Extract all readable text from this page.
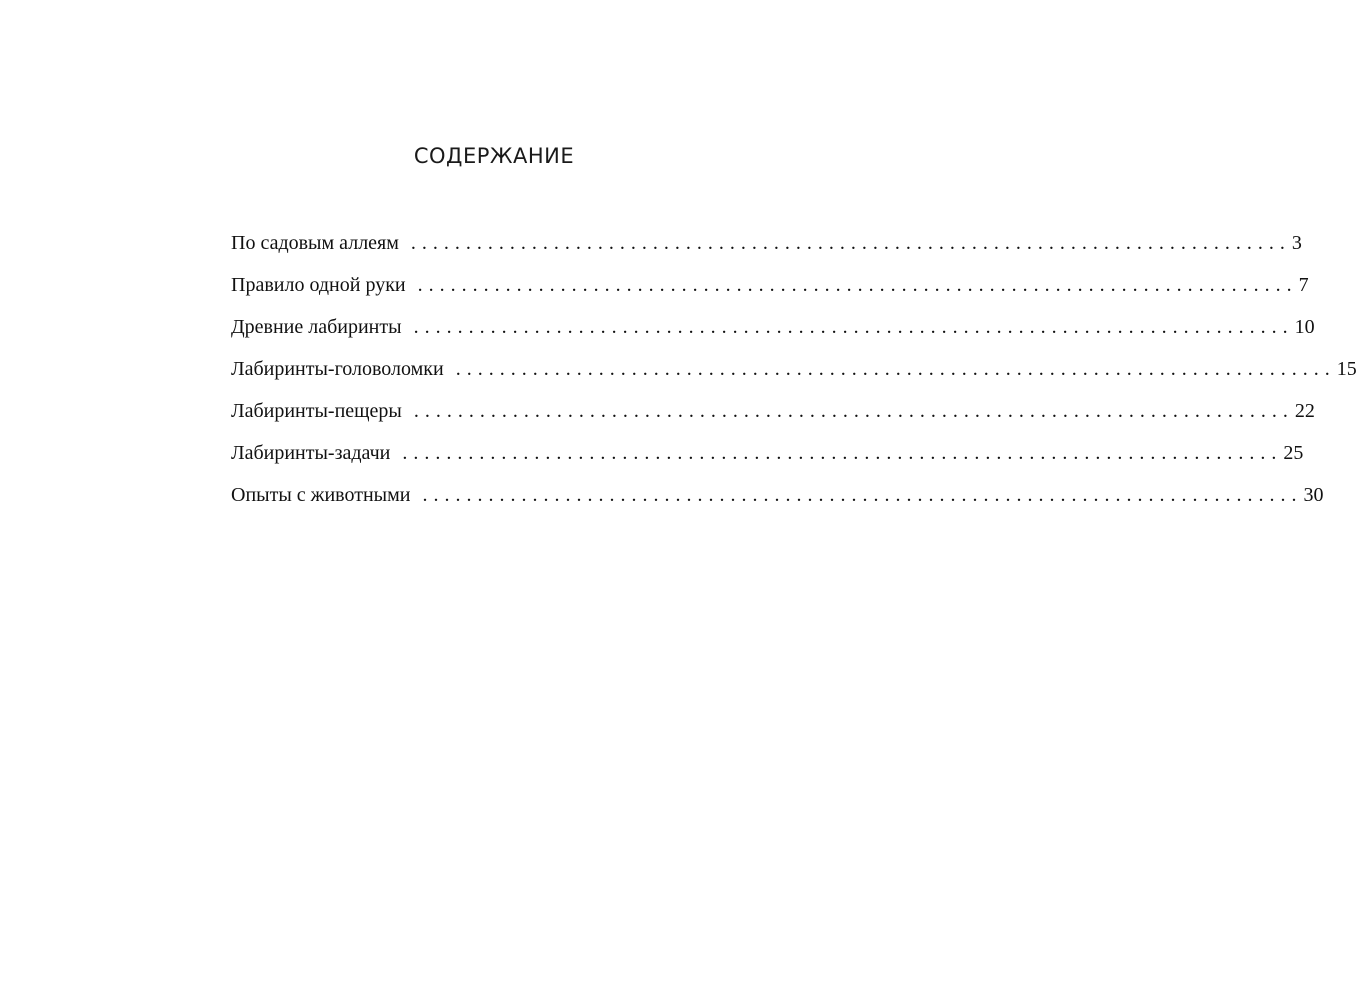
СОДЕРЖАНИЕ
По садовым аллеям ................................................................................ 3
Правило одной руки ................................................................................ 7
Древние лабиринты ................................................................................ 10
Лабиринты-головоломки ................................................................................ 15
Лабиринты-пещеры ................................................................................ 22
Лабиринты-задачи ................................................................................ 25
Опыты с животными ................................................................................ 30
